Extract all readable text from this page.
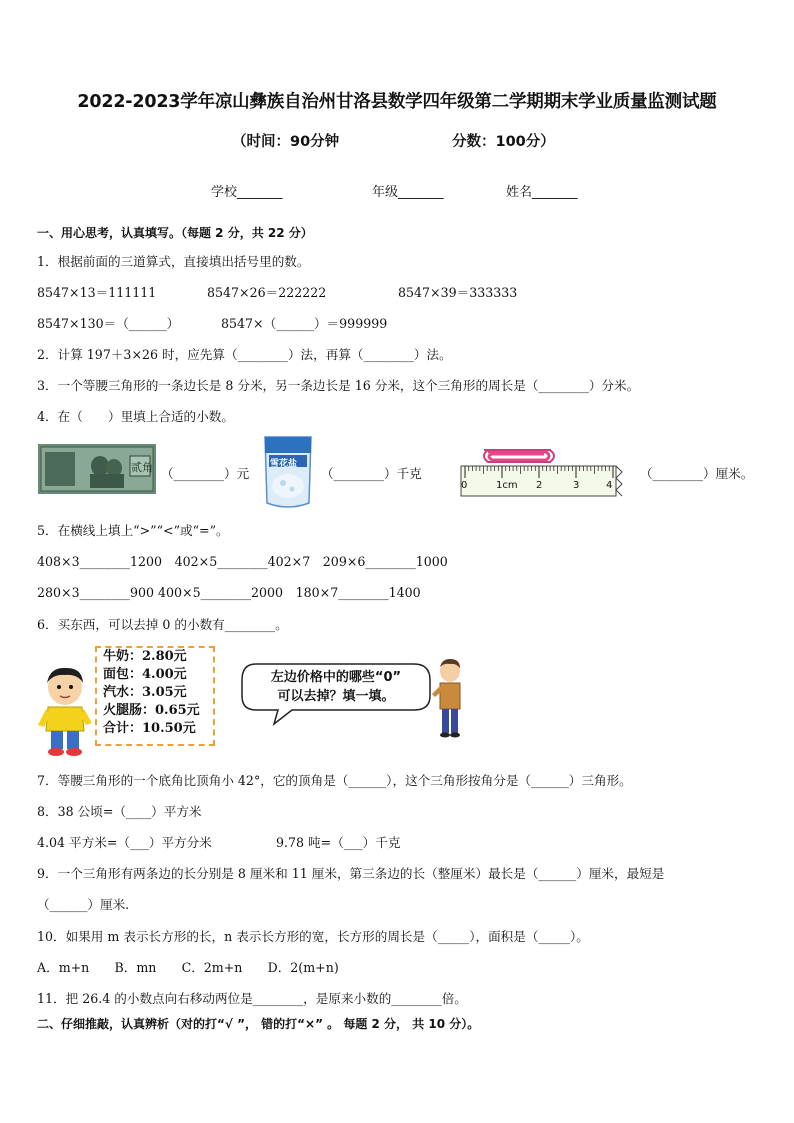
2022-2023学年凉山彝族自治州甘洛县数学四年级第二学期期末学业质量监测试题
（时间：90分钟	分数：100分）
学校_______	年级_______	姓名_______
一、用心思考，认真填写。（每题 2 分，共 22 分）
1．根据前面的三道算式，直接填出括号里的数。
8547×13＝111111	8547×26＝222222	8547×39＝333333
8547×130＝（______）	8547×（______）＝999999
2．计算 197＋3×26 时，应先算（________）法，再算（________）法。
3．一个等腰三角形的一条边长是 8 分米，另一条边长是 16 分米，这个三角形的周长是（________）分米。
4．在（　　）里填上合适的小数。
贰角 （________）元
雪花盐
（________）千克
0	1cm 2	3	4
（________）厘米。
5．在横线上填上“>”“<”或“=”。
408×3________1200　402×5________402×7　209×6________1000
280×3________900 400×5________2000　180×7________1400
6．买东西，可以去掉 0 的小数有________。
牛奶：2.80元
面包：4.00元
汽水：3.05元
火腿肠：0.65元
合计：10.50元
左边价格中的哪些“0”
可以去掉？填一填。
7．等腰三角形的一个底角比顶角小 42°，它的顶角是（______），这个三角形按角分是（______）三角形。
8．38 公顷=（____）平方米
4.04 平方米=（___）平方分米	9.78 吨=（___）千克
9．一个三角形有两条边的长分别是 8 厘米和 11 厘米，第三条边的长（整厘米）最长是（______）厘米，最短是
（______）厘米.
10．如果用 m 表示长方形的长，n 表示长方形的宽，长方形的周长是（_____），面积是（_____）。
A．m+n　　B．mn　　C．2m+n　　D．2(m+n)
11．把 26.4 的小数点向右移动两位是________，是原来小数的________倍。
二、仔细推敲，认真辨析（对的打“√ ”， 错的打“×” 。 每题 2 分， 共 10 分）。
